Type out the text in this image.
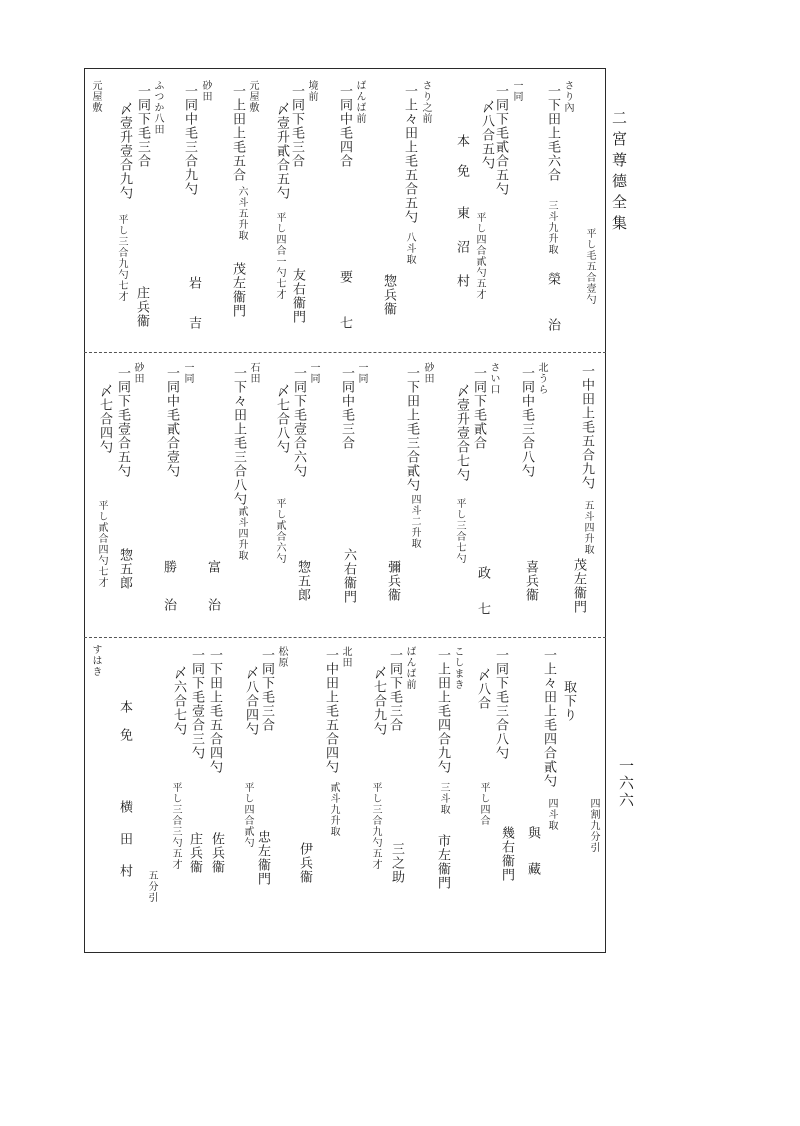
二宮尊德全集
一六六
平し毛五合壹勺
さり內
一下田上毛六合
三斗九升取
榮
治
一同
一同下毛貳合五勺
〆八合五勺
平し四合貳勺五才
本
免
東
沼
村
さり之前
一上々田上毛五合五勺
八斗取
惣兵衞
ばんば前
一同中毛四合
要
七
境前
一同下毛三合
〆壹升貳合五勺
平し四合一勺七才 友右衞門
元屋敷
一上田上毛五合
六斗五升取
茂左衞門
砂田
一同中毛三合九勺
岩
吉
ふつか八田
一同下毛三合
〆壹升壹合九勺
平し三合九勺七才
庄兵衞
元屋敷
一中田上毛五合九勺
五斗四升取
茂左衞門
北うら
一同中毛三合八勺
喜兵衞
さい口
一同下毛貳合
〆壹升壹合七勺
平し三合七勺
政
七
砂田
一下田上毛三合貳勺
四斗二升取
彌兵衞
一同
一同中毛三合
六右衞門
一同
一同下毛壹合六勺
〆七合八勺
平し貳合六勺
惣五郎
石田
一下々田上毛三合八勺
貳斗四升取
富
治
一同
一同中毛貳合壹勺
勝
治
砂田
一同下毛壹合五勺
〆七合四勺
平し貳合四勺七才 惣五郎
四割九分引
取下り
一上々田上毛四合貳勺
四斗取
與
藏
一同下毛三合八勺
〆八合
平し四合
幾右衞門
こしまき
一上田上毛四合九勺
三斗取
市左衞門
ばんば前
一同下毛三合
〆七合九勺
平し三合九勺五才 三之助
北田
一中田上毛五合四勺
貳斗九升取
伊兵衞
松原
一同下毛三合
〆八合四勺
平し四合貳勺
忠左衞門
一下田上毛五合四勺
佐兵衞
一同下毛壹合三勺
〆六合七勺
平し三合三勺五才 庄兵衞
本
免
横
田
村 五分引
すはき
